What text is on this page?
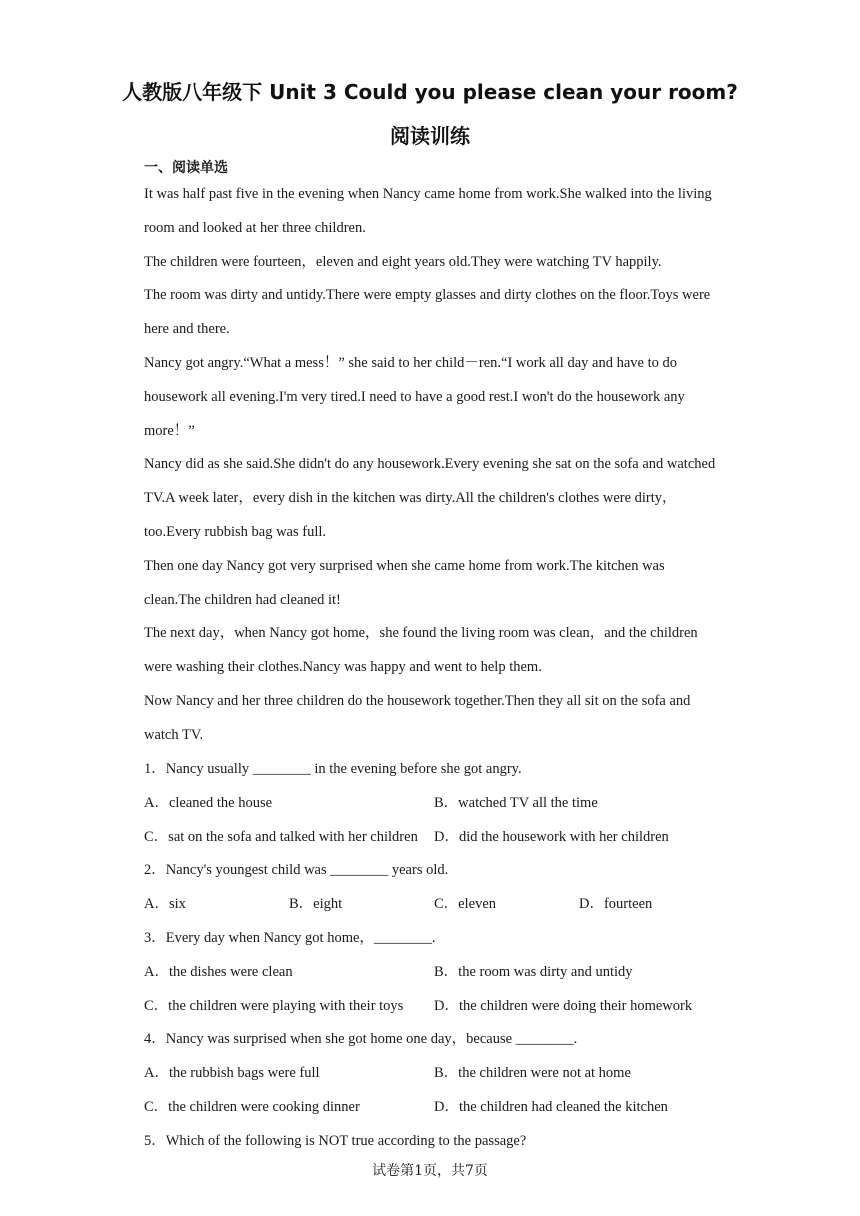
人教版八年级下 Unit 3 Could you please clean your room?
阅读训练
一、阅读单选

It was half past five in the evening when Nancy came home from work.She walked into the living room and looked at her three children.

The children were fourteen，eleven and eight years old.They were watching TV happily.

The room was dirty and untidy.There were empty glasses and dirty clothes on the floor.Toys were here and there.

Nancy got angry.“What a mess！” she said to her child－ren.“I work all day and have to do housework all evening.I'm very tired.I need to have a good rest.I won't do the housework any more！”

Nancy did as she said.She didn't do any housework.Every evening she sat on the sofa and watched TV.A week later，every dish in the kitchen was dirty.All the children's clothes were dirty，too.Every rubbish bag was full.

Then one day Nancy got very surprised when she came home from work.The kitchen was clean.The children had cleaned it!

The next day，when Nancy got home，she found the living room was clean，and the children were washing their clothes.Nancy was happy and went to help them.

Now Nancy and her three children do the housework together.Then they all sit on the sofa and watch TV.

1．Nancy usually ________ in the evening before she got angry.

A．cleaned the house	B．watched TV all the time
C．sat on the sofa and talked with her children	D．did the housework with her children

2．Nancy's youngest child was ________ years old.

A．six	B．eight	C．eleven	D．fourteen

3．Every day when Nancy got home，________.

A．the dishes were clean	B．the room was dirty and untidy
C．the children were playing with their toys	D．the children were doing their homework

4．Nancy was surprised when she got home one day，because ________.

A．the rubbish bags were full	B．the children were not at home
C．the children were cooking dinner	D．the children had cleaned the kitchen

5．Which of the following is NOT true according to the passage?

试卷第1页，共7页
